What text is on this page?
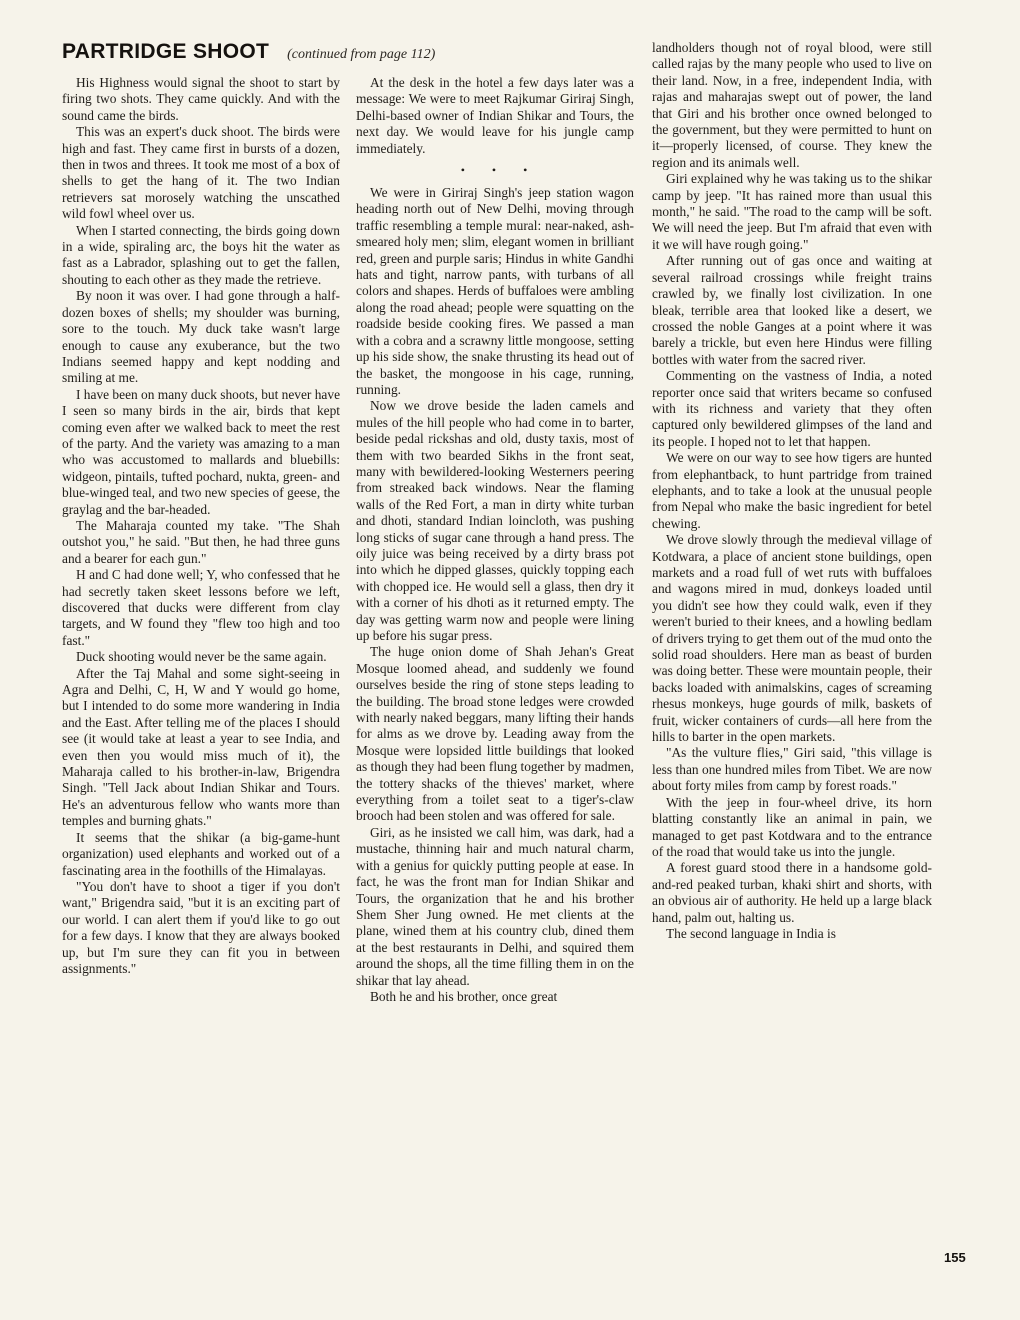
PARTRIDGE SHOOT (continued from page 112)

His Highness would signal the shoot to start by firing two shots. They came quickly. And with the sound came the birds.

This was an expert's duck shoot. The birds were high and fast. They came first in bursts of a dozen, then in twos and threes. It took me most of a box of shells to get the hang of it. The two Indian retrievers sat morosely watching the unscathed wild fowl wheel over us.

When I started connecting, the birds going down in a wide, spiraling arc, the boys hit the water as fast as a Labrador, splashing out to get the fallen, shouting to each other as they made the retrieve.

By noon it was over. I had gone through a half-dozen boxes of shells; my shoulder was burning, sore to the touch. My duck take wasn't large enough to cause any exuberance, but the two Indians seemed happy and kept nodding and smiling at me.

I have been on many duck shoots, but never have I seen so many birds in the air, birds that kept coming even after we walked back to meet the rest of the party. And the variety was amazing to a man who was accustomed to mallards and bluebills: widgeon, pintails, tufted pochard, nukta, green- and blue-winged teal, and two new species of geese, the graylag and the bar-headed.

The Maharaja counted my take. "The Shah outshot you," he said. "But then, he had three guns and a bearer for each gun."

H and C had done well; Y, who confessed that he had secretly taken skeet lessons before we left, discovered that ducks were different from clay targets, and W found they "flew too high and too fast."

Duck shooting would never be the same again.

After the Taj Mahal and some sight-seeing in Agra and Delhi, C, H, W and Y would go home, but I intended to do some more wandering in India and the East. After telling me of the places I should see (it would take at least a year to see India, and even then you would miss much of it), the Maharaja called to his brother-in-law, Brigendra Singh. "Tell Jack about Indian Shikar and Tours. He's an adventurous fellow who wants more than temples and burning ghats."

It seems that the shikar (a big-game-hunt organization) used elephants and worked out of a fascinating area in the foothills of the Himalayas.

"You don't have to shoot a tiger if you don't want," Brigendra said, "but it is an exciting part of our world. I can alert them if you'd like to go out for a few days. I know that they are always booked up, but I'm sure they can fit you in between assignments."

At the desk in the hotel a few days later was a message: We were to meet Rajkumar Giriraj Singh, Delhi-based owner of Indian Shikar and Tours, the next day. We would leave for his jungle camp immediately.

• • •

We were in Giriraj Singh's jeep station wagon heading north out of New Delhi, moving through traffic resembling a temple mural: near-naked, ash-smeared holy men; slim, elegant women in brilliant red, green and purple saris; Hindus in white Gandhi hats and tight, narrow pants, with turbans of all colors and shapes. Herds of buffaloes were ambling along the road ahead; people were squatting on the roadside beside cooking fires. We passed a man with a cobra and a scrawny little mongoose, setting up his side show, the snake thrusting its head out of the basket, the mongoose in his cage, running, running.

Now we drove beside the laden camels and mules of the hill people who had come in to barter, beside pedal rickshas and old, dusty taxis, most of them with two bearded Sikhs in the front seat, many with bewildered-looking Westerners peering from streaked back windows. Near the flaming walls of the Red Fort, a man in dirty white turban and dhoti, standard Indian loincloth, was pushing long sticks of sugar cane through a hand press. The oily juice was being received by a dirty brass pot into which he dipped glasses, quickly topping each with chopped ice. He would sell a glass, then dry it with a corner of his dhoti as it returned empty. The day was getting warm now and people were lining up before his sugar press.

The huge onion dome of Shah Jehan's Great Mosque loomed ahead, and suddenly we found ourselves beside the ring of stone steps leading to the building. The broad stone ledges were crowded with nearly naked beggars, many lifting their hands for alms as we drove by. Leading away from the Mosque were lopsided little buildings that looked as though they had been flung together by madmen, the tottery shacks of the thieves' market, where everything from a toilet seat to a tiger's-claw brooch had been stolen and was offered for sale.

Giri, as he insisted we call him, was dark, had a mustache, thinning hair and much natural charm, with a genius for quickly putting people at ease. In fact, he was the front man for Indian Shikar and Tours, the organization that he and his brother Shem Sher Jung owned. He met clients at the plane, wined them at his country club, dined them at the best restaurants in Delhi, and squired them around the shops, all the time filling them in on the shikar that lay ahead.

Both he and his brother, once great

landholders though not of royal blood, were still called rajas by the many people who used to live on their land. Now, in a free, independent India, with rajas and maharajas swept out of power, the land that Giri and his brother once owned belonged to the government, but they were permitted to hunt on it—properly licensed, of course. They knew the region and its animals well.

Giri explained why he was taking us to the shikar camp by jeep. "It has rained more than usual this month," he said. "The road to the camp will be soft. We will need the jeep. But I'm afraid that even with it we will have rough going."

After running out of gas once and waiting at several railroad crossings while freight trains crawled by, we finally lost civilization. In one bleak, terrible area that looked like a desert, we crossed the noble Ganges at a point where it was barely a trickle, but even here Hindus were filling bottles with water from the sacred river.

Commenting on the vastness of India, a noted reporter once said that writers became so confused with its richness and variety that they often captured only bewildered glimpses of the land and its people. I hoped not to let that happen.

We were on our way to see how tigers are hunted from elephantback, to hunt partridge from trained elephants, and to take a look at the unusual people from Nepal who make the basic ingredient for betel chewing.

We drove slowly through the medieval village of Kotdwara, a place of ancient stone buildings, open markets and a road full of wet ruts with buffaloes and wagons mired in mud, donkeys loaded until you didn't see how they could walk, even if they weren't buried to their knees, and a howling bedlam of drivers trying to get them out of the mud onto the solid road shoulders. Here man as beast of burden was doing better. These were mountain people, their backs loaded with animalskins, cages of screaming rhesus monkeys, huge gourds of milk, baskets of fruit, wicker containers of curds—all here from the hills to barter in the open markets.

"As the vulture flies," Giri said, "this village is less than one hundred miles from Tibet. We are now about forty miles from camp by forest roads."

With the jeep in four-wheel drive, its horn blatting constantly like an animal in pain, we managed to get past Kotdwara and to the entrance of the road that would take us into the jungle.

A forest guard stood there in a handsome gold-and-red peaked turban, khaki shirt and shorts, with an obvious air of authority. He held up a large black hand, palm out, halting us.

The second language in India is

155
